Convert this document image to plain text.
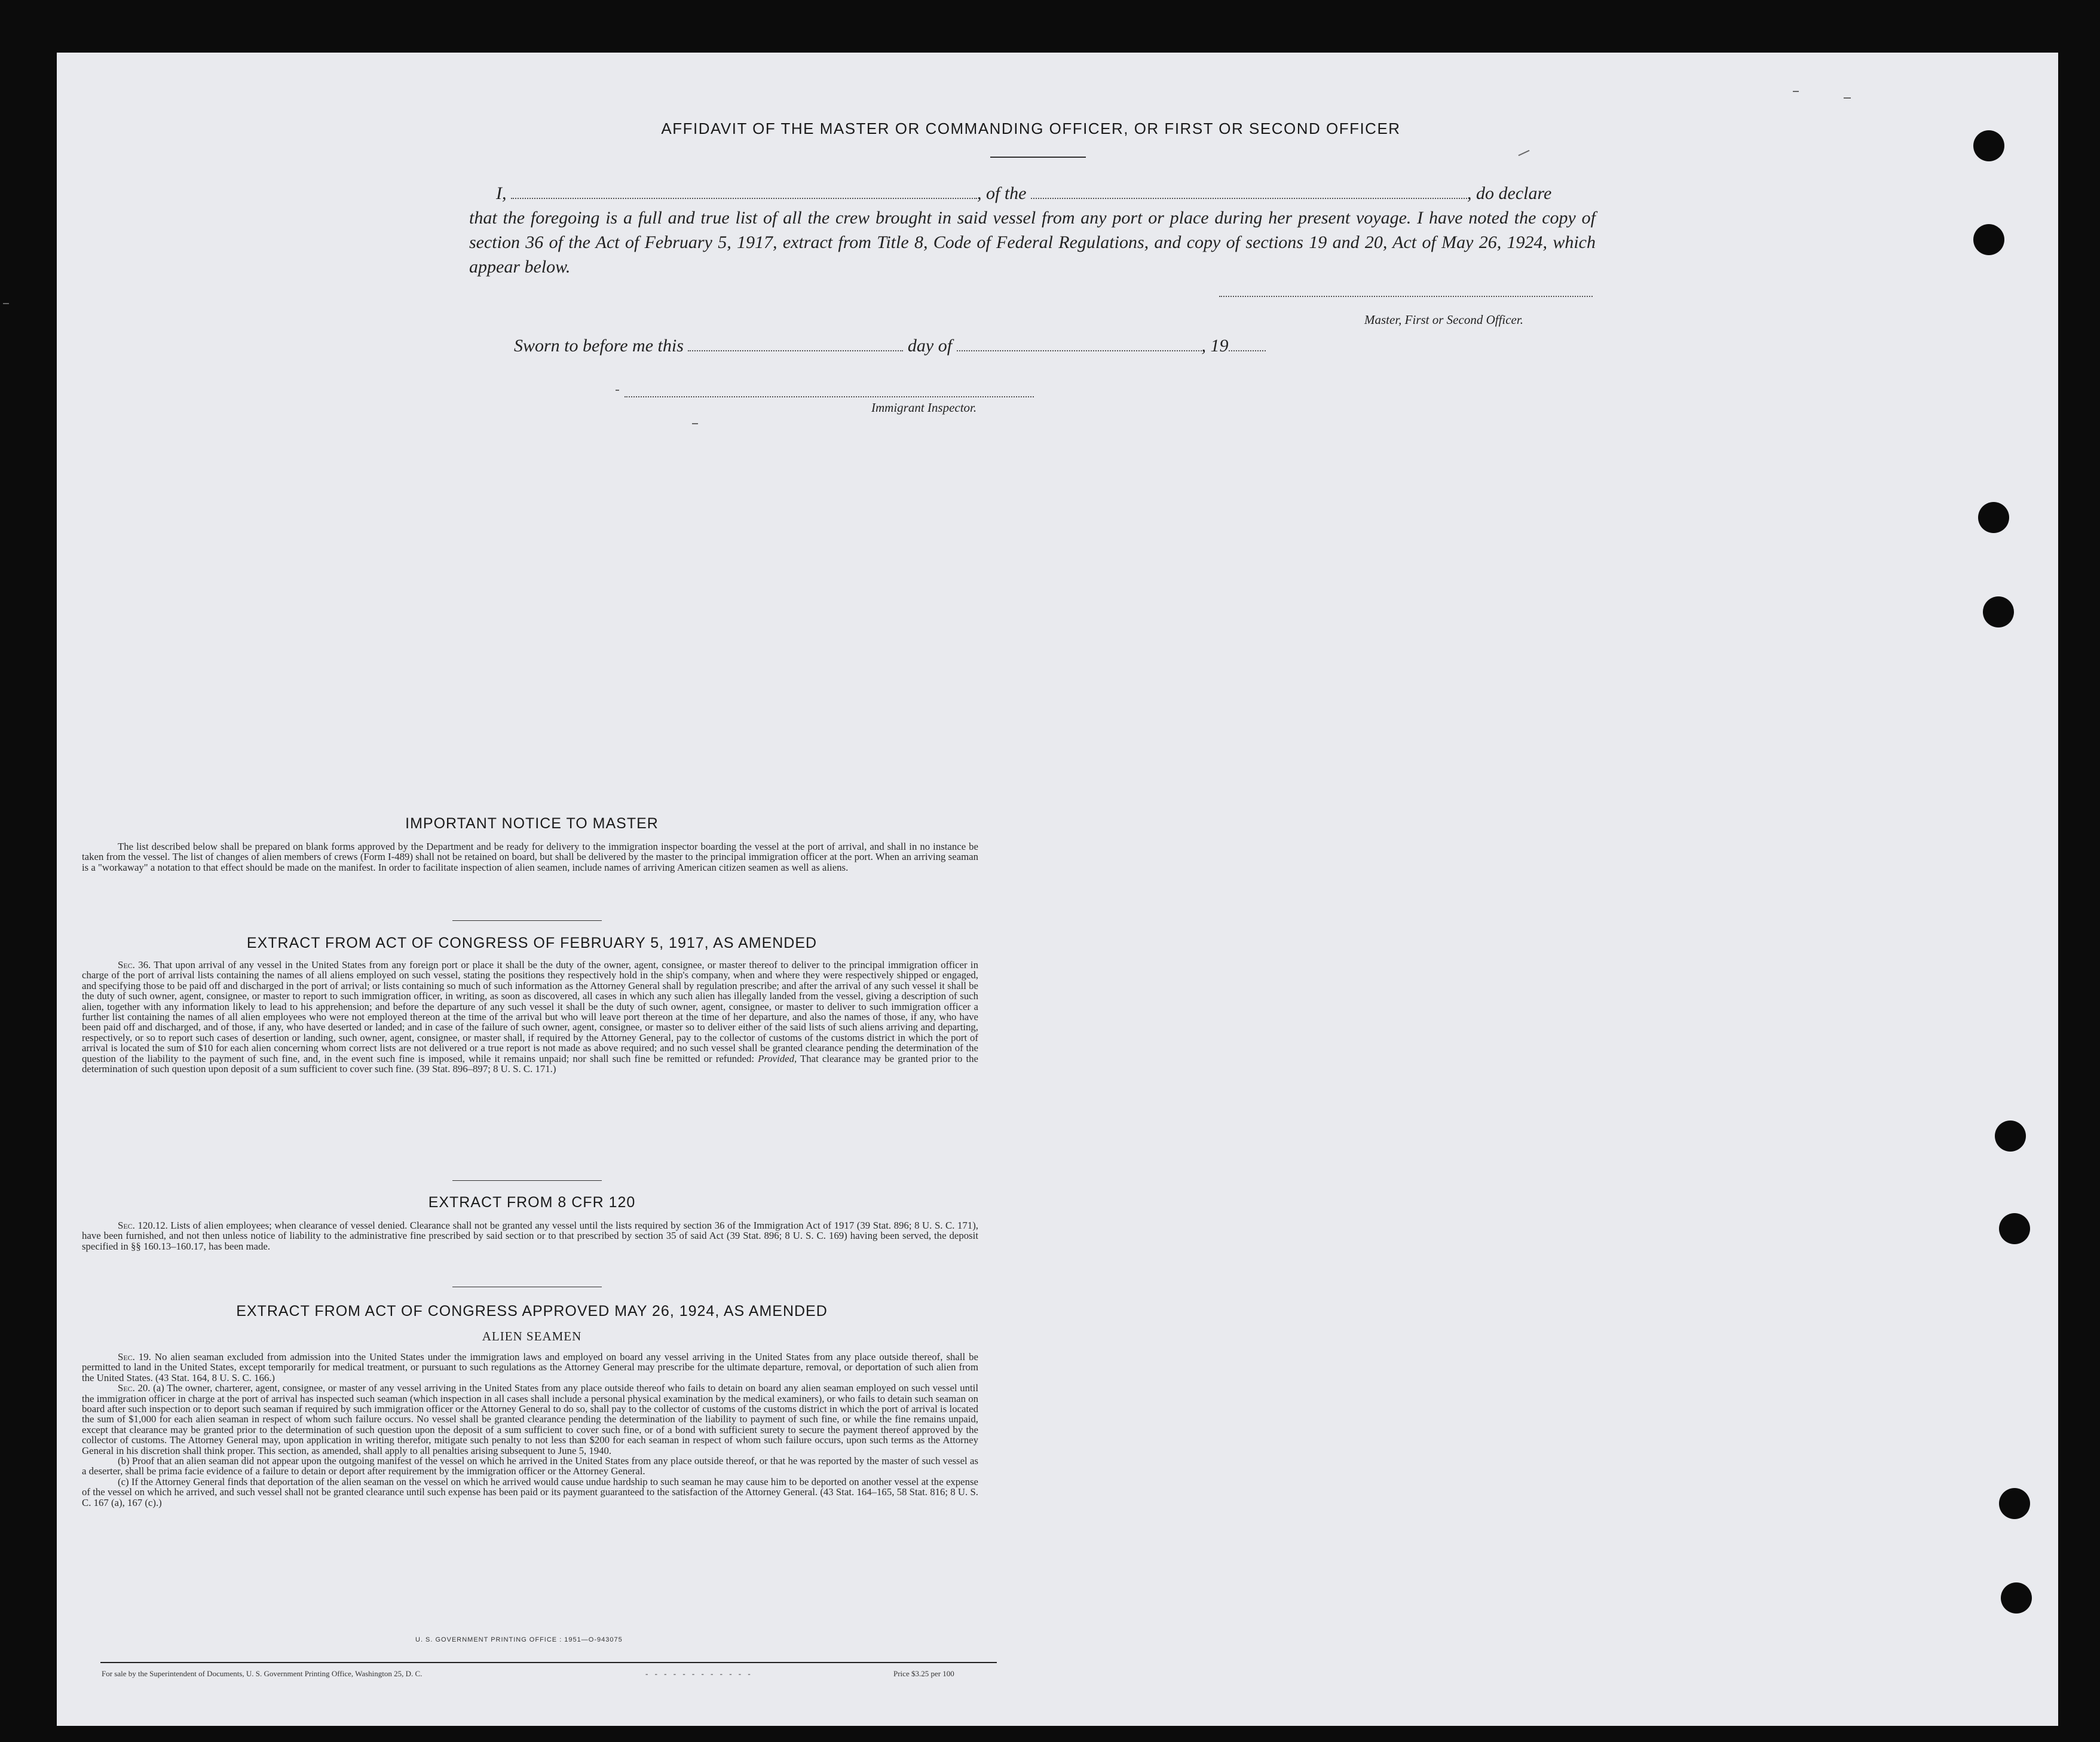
AFFIDAVIT OF THE MASTER OR COMMANDING OFFICER, OR FIRST OR SECOND OFFICER
I,	, of the	, do declare
that the foregoing is a full and true list of all the crew brought in said vessel from any port or place during her present voyage. I have noted the copy of section 36 of the Act of February 5, 1917, extract from Title 8, Code of Federal Regulations, and copy of sections 19 and 20, Act of May 26, 1924, which appear below.
Master, First or Second Officer.
Sworn to before me this	day of	, 19
Immigrant Inspector.
IMPORTANT NOTICE TO MASTER

The list described below shall be prepared on blank forms approved by the Department and be ready for delivery to the immigration inspector boarding the vessel at the port of arrival, and shall in no instance be taken from the vessel. The list of changes of alien members of crews (Form I-489) shall not be retained on board, but shall be delivered by the master to the principal immigration officer at the port. When an arriving seaman is a "workaway" a notation to that effect should be made on the manifest. In order to facilitate inspection of alien seamen, include names of arriving American citizen seamen as well as aliens.

EXTRACT FROM ACT OF CONGRESS OF FEBRUARY 5, 1917, AS AMENDED

Sec. 36. That upon arrival of any vessel in the United States from any foreign port or place it shall be the duty of the owner, agent, consignee, or master thereof to deliver to the principal immigration officer in charge of the port of arrival lists containing the names of all aliens employed on such vessel, stating the positions they respectively hold in the ship's company, when and where they were respectively shipped or engaged, and specifying those to be paid off and discharged in the port of arrival; or lists containing so much of such information as the Attorney General shall by regulation prescribe; and after the arrival of any such vessel it shall be the duty of such owner, agent, consignee, or master to report to such immigration officer, in writing, as soon as discovered, all cases in which any such alien has illegally landed from the vessel, giving a description of such alien, together with any information likely to lead to his apprehension; and before the departure of any such vessel it shall be the duty of such owner, agent, consignee, or master to deliver to such immigration officer a further list containing the names of all alien employees who were not employed thereon at the time of the arrival but who will leave port thereon at the time of her departure, and also the names of those, if any, who have been paid off and discharged, and of those, if any, who have deserted or landed; and in case of the failure of such owner, agent, consignee, or master so to deliver either of the said lists of such aliens arriving and departing, respectively, or so to report such cases of desertion or landing, such owner, agent, consignee, or master shall, if required by the Attorney General, pay to the collector of customs of the customs district in which the port of arrival is located the sum of $10 for each alien concerning whom correct lists are not delivered or a true report is not made as above required; and no such vessel shall be granted clearance pending the determination of the question of the liability to the payment of such fine, and, in the event such fine is imposed, while it remains unpaid; nor shall such fine be remitted or refunded: Provided, That clearance may be granted prior to the determination of such question upon deposit of a sum sufficient to cover such fine. (39 Stat. 896–897; 8 U. S. C. 171.)

EXTRACT FROM 8 CFR 120

Sec. 120.12. Lists of alien employees; when clearance of vessel denied. Clearance shall not be granted any vessel until the lists required by section 36 of the Immigration Act of 1917 (39 Stat. 896; 8 U. S. C. 171), have been furnished, and not then unless notice of liability to the administrative fine prescribed by said section or to that prescribed by section 35 of said Act (39 Stat. 896; 8 U. S. C. 169) having been served, the deposit specified in §§ 160.13–160.17, has been made.

EXTRACT FROM ACT OF CONGRESS APPROVED MAY 26, 1924, AS AMENDED
ALIEN SEAMEN

Sec. 19. No alien seaman excluded from admission into the United States under the immigration laws and employed on board any vessel arriving in the United States from any place outside thereof, shall be permitted to land in the United States, except temporarily for medical treatment, or pursuant to such regulations as the Attorney General may prescribe for the ultimate departure, removal, or deportation of such alien from the United States. (43 Stat. 164, 8 U. S. C. 166.)

Sec. 20. (a) The owner, charterer, agent, consignee, or master of any vessel arriving in the United States from any place outside thereof who fails to detain on board any alien seaman employed on such vessel until the immigration officer in charge at the port of arrival has inspected such seaman (which inspection in all cases shall include a personal physical examination by the medical examiners), or who fails to detain such seaman on board after such inspection or to deport such seaman if required by such immigration officer or the Attorney General to do so, shall pay to the collector of customs of the customs district in which the port of arrival is located the sum of $1,000 for each alien seaman in respect of whom such failure occurs. No vessel shall be granted clearance pending the determination of the liability to payment of such fine, or while the fine remains unpaid, except that clearance may be granted prior to the determination of such question upon the deposit of a sum sufficient to cover such fine, or of a bond with sufficient surety to secure the payment thereof approved by the collector of customs. The Attorney General may, upon application in writing therefor, mitigate such penalty to not less than $200 for each seaman in respect of whom such failure occurs, upon such terms as the Attorney General in his discretion shall think proper. This section, as amended, shall apply to all penalties arising subsequent to June 5, 1940.

(b) Proof that an alien seaman did not appear upon the outgoing manifest of the vessel on which he arrived in the United States from any place outside thereof, or that he was reported by the master of such vessel as a deserter, shall be prima facie evidence of a failure to detain or deport after requirement by the immigration officer or the Attorney General.

(c) If the Attorney General finds that deportation of the alien seaman on the vessel on which he arrived would cause undue hardship to such seaman he may cause him to be deported on another vessel at the expense of the vessel on which he arrived, and such vessel shall not be granted clearance until such expense has been paid or its payment guaranteed to the satisfaction of the Attorney General. (43 Stat. 164–165, 58 Stat. 816; 8 U. S. C. 167 (a), 167 (c).)

U. S. GOVERNMENT PRINTING OFFICE : 1951—O-943075
For sale by the Superintendent of Documents, U. S. Government Printing Office, Washington 25, D. C.	- - - - - - - - - - - -	Price $3.25 per 100
